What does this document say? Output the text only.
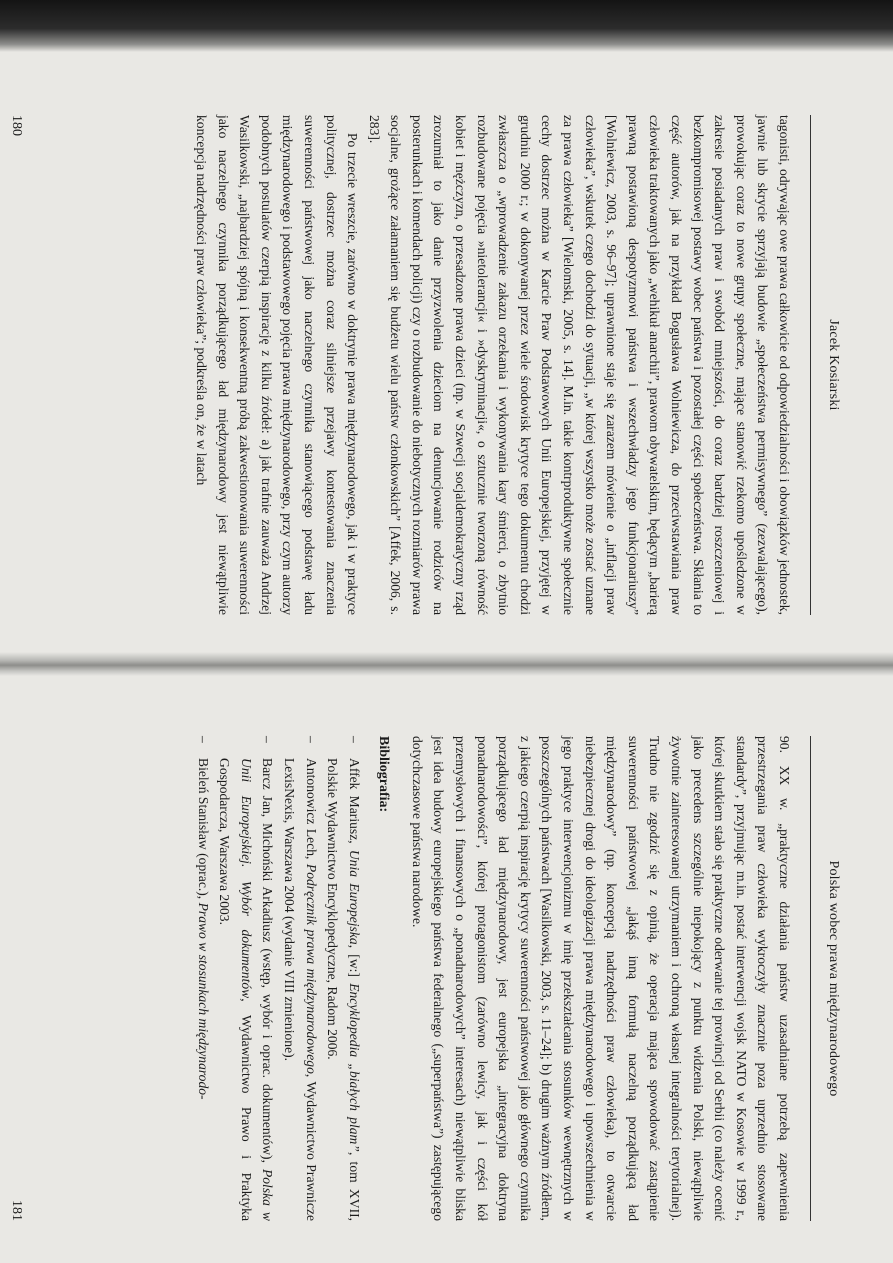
Jacek Kosiarski

tagonisti, odrywając owe prawa całkowicie od odpowiedzialności i obowiązków jednostek, jawnie lub skrycie sprzyjają budowie „społeczeństwa permisywnego” (zezwalającego), prowokując coraz to nowe grupy społeczne, mające stanowić rzekomo upośledzone w zakresie posiadanych praw i swobód mniejszości, do coraz bardziej roszczeniowej i bezkompromisowej postawy wobec państwa i pozostałej części społeczeństwa. Skłania to część autorów, jak na przykład Bogusława Wolniewicza, do przeciwstawiania praw człowieka traktowanych jako „wehikuł anarchii”, prawom obywatelskim, będącym „barierą prawną postawioną despotyzmowi państwa i wszechwładzy jego funkcjonariuszy” [Wolniewicz, 2003, s. 96–97]; uprawnione staje się zarazem mówienie o „inflacji praw człowieka”, wskutek czego dochodzi do sytuacji, „w której wszystko może zostać uznane za prawa człowieka” [Wielomski, 2005, s. 14]. M.in. takie kontrproduktywne społecznie cechy dostrzec można w Karcie Praw Podstawowych Unii Europejskiej, przyjętej w grudniu 2000 r.; w dokonywanej przez wiele środowisk krytyce tego dokumentu chodzi zwłaszcza o „wprowadzenie zakazu orzekania i wykonywania kary śmierci, o zbytnio rozbudowane pojęcia »nietolerancji« i »dyskryminacji«, o sztucznie tworzoną równość kobiet i mężczyzn, o przesadzone prawa dzieci (np. w Szwecji socjaldemokratyczny rząd zrozumiał to jako danie przyzwolenia dzieciom na denuncjowanie rodziców na posterunkach i komendach policji) czy o rozbudowanie do niebotycznych rozmiarów prawa socjalne, grożące załamaniem się budżetu wielu państw członkowskich” [Affek, 2006, s. 283].

Po trzecie wreszcie, zarówno w doktrynie prawa międzynarodowego, jak i w praktyce politycznej, dostrzec można coraz silniejsze przejawy kontestowania znaczenia suwerenności państwowej jako naczelnego czynnika stanowiącego podstawę ładu międzynarodowego i podstawowego pojęcia prawa międzynarodowego, przy czym autorzy podobnych postulatów czerpią inspirację z kilku źródeł: a) jak trafnie zauważa Andrzej Wasilkowski, „najbardziej spójną i konsekwentną próbą zakwestionowania suwerenności jako naczelnego czynnika porządkującego ład międzynarodowy jest niewątpliwie koncepcja nadrzędności praw człowieka”; podkreśla on, że w latach

180
Polska wobec prawa międzynarodowego

90. XX w. „praktyczne działania państw uzasadniane potrzebą zapewnienia przestrzegania praw człowieka wykroczyły znacznie poza uprzednio stosowane standardy”, przyjmując m.in. postać interwencji wojsk NATO w Kosowie w 1999 r., której skutkiem stało się praktyczne oderwanie tej prowincji od Serbii (co należy ocenić jako precedens szczególnie niepokojący z punktu widzenia Polski, niewątpliwie żywotnie zainteresowanej utrzymaniem i ochroną własnej integralności terytorialnej). Trudno nie zgodzić się z opinią, że operacja mająca spowodować zastąpienie suwerenności państwowej „jakąś inną formułą naczelną porządkującą ład międzynarodowy” (np. koncepcją nadrzędności praw człowieka), to otwarcie niebezpiecznej drogi do ideologizacji prawa międzynarodowego i upowszechnienia w jego praktyce interwencjonizmu w imię przekształcania stosunków wewnętrznych w poszczególnych państwach [Wasilkowski, 2003, s. 11–24]; b) drugim ważnym źródłem, z jakiego czerpią inspirację krytycy suwerenności państwowej jako głównego czynnika porządkującego ład międzynarodowy, jest europejska „integracyjna doktryna ponadnarodowości”, której protagonistom (zarówno lewicy, jak i części kół przemysłowych i finansowych o „ponadnarodowych” interesach) niewątpliwie bliska jest idea budowy europejskiego państwa federalnego („superpaństwa”) zastępującego dotychczasowe państwa narodowe.

Bibliografia:
–
Affek Mariusz, Unia Europejska, [w:] Encyklopedia „białych plam”, tom XVII, Polskie Wydawnictwo Encyklopedyczne, Radom 2006.
–
Antonowicz Lech, Podręcznik prawa międzynarodowego, Wydawnictwo Prawnicze LexisNexis, Warszawa 2004 (wydanie VIII zmienione).
–
Barcz Jan, Michoński Arkadiusz (wstęp, wybór i oprac. dokumentów), Polska w Unii Europejskiej. Wybór dokumentów, Wydawnictwo Prawo i Praktyka Gospodarcza, Warszawa 2003.
–
Bieleń Stanisław (oprac.), Prawo w stosunkach międzynarodo-
181
